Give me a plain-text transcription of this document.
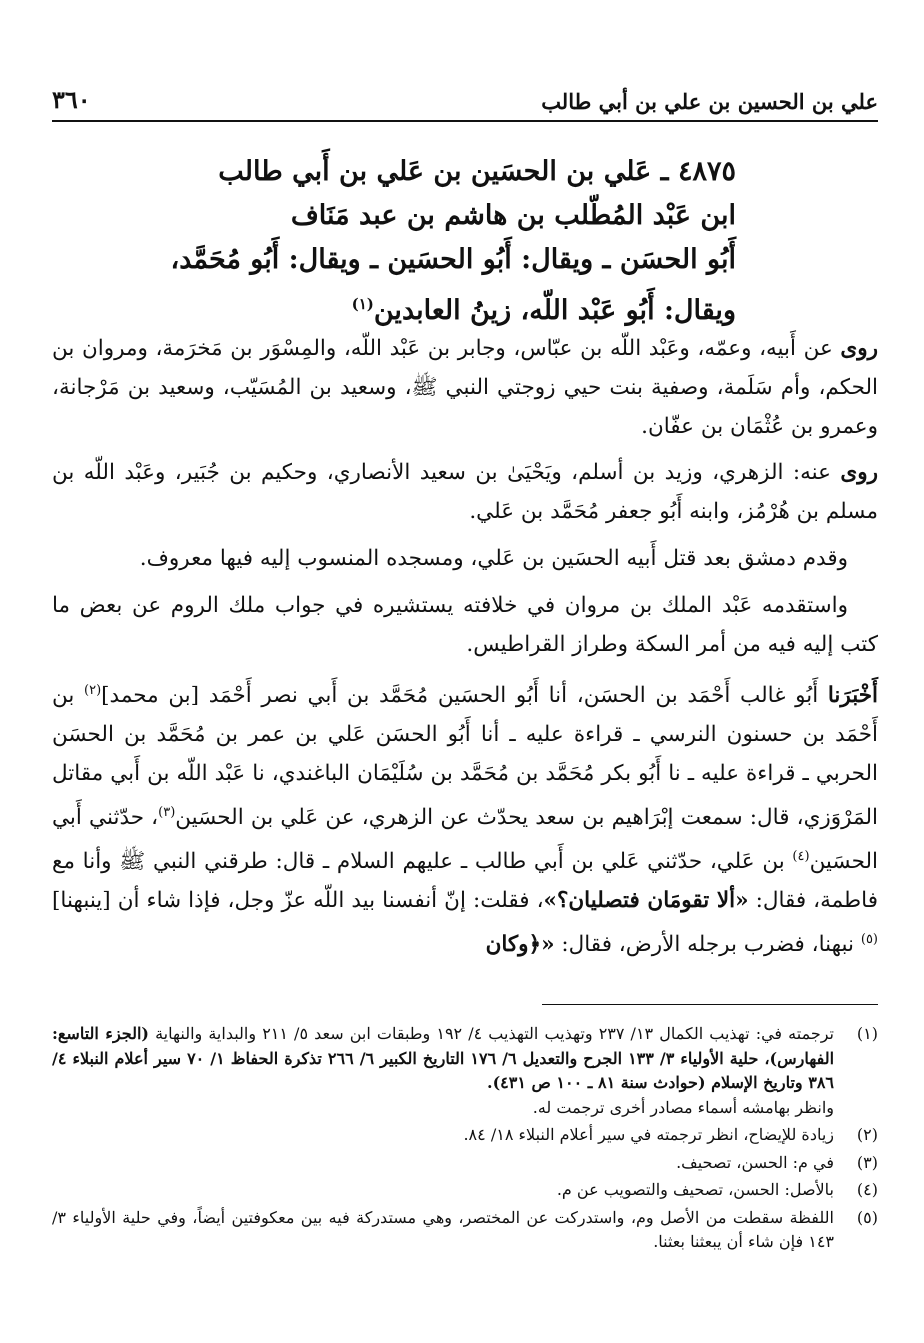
علي بن الحسين بن علي بن أبي طالب
٣٦٠
٤٨٧٥ ـ عَلي بن الحسَين بن عَلي بن أَبي طالب
ابن عَبْد المُطّلب بن هاشم بن عبد مَنَاف
أَبُو الحسَن ـ ويقال: أَبُو الحسَين ـ ويقال: أَبُو مُحَمَّد،
ويقال: أَبُو عَبْد اللّه، زينُ العابدين$^{(١)}$

روى عن أَبيه، وعمّه، وعَبْد اللّه بن عبّاس، وجابر بن عَبْد اللّه، والمِسْوَر بن مَخرَمة، ومروان بن الحكم، وأم سَلَمة، وصفية بنت حيي زوجتي النبي ﷺ، وسعيد بن المُسَيّب، وسعيد بن مَرْجانة، وعمرو بن عُثْمَان بن عفّان.

روى عنه: الزهري، وزيد بن أسلم، ويَحْيَىٰ بن سعيد الأنصاري، وحكيم بن جُبَير، وعَبْد اللّه بن مسلم بن هُرْمُز، وابنه أَبُو جعفر مُحَمَّد بن عَلي.

وقدم دمشق بعد قتل أَبيه الحسَين بن عَلي، ومسجده المنسوب إليه فيها معروف.

واستقدمه عَبْد الملك بن مروان في خلافته يستشيره في جواب ملك الروم عن بعض ما كتب إليه فيه من أمر السكة وطراز القراطيس.

أَخْبَرَنا أَبُو غالب أَحْمَد بن الحسَن، أنا أَبُو الحسَين مُحَمَّد بن أَبي نصر أَحْمَد [بن محمد]$^{(٢)}$ بن أَحْمَد بن حسنون النرسي ـ قراءة عليه ـ أنا أَبُو الحسَن عَلي بن عمر بن مُحَمَّد بن الحسَن الحربي ـ قراءة عليه ـ نا أَبُو بكر مُحَمَّد بن مُحَمَّد بن سُلَيْمَان الباغندي، نا عَبْد اللّه بن أَبي مقاتل المَرْوَزي، قال: سمعت إبْرَاهيم بن سعد يحدّث عن الزهري، عن عَلي بن الحسَين$^{(٣)}$، حدّثني أَبي الحسَين$^{(٤)}$ بن عَلي، حدّثني عَلي بن أَبي طالب ـ عليهم السلام ـ قال: طرقني النبي ﷺ وأنا مع فاطمة، فقال: «ألا تقومَان فتصليان؟»، فقلت: إنّ أنفسنا بيد اللّه عزّ وجل، فإذا شاء أن [ينبهنا]$^{(٥)}$ نبهنا، فضرب برجله الأرض، فقال: «﴿وكان

(١)
ترجمته في: تهذيب الكمال ١٣/ ٢٣٧ وتهذيب التهذيب ٤/ ١٩٢ وطبقات ابن سعد ٥/ ٢١١ والبداية والنهاية (الجزء التاسع: الفهارس)، حلية الأولياء ٣/ ١٣٣ الجرح والتعديل ٦/ ١٧٦ التاريخ الكبير ٦/ ٢٦٦ تذكرة الحفاظ ١/ ٧٠ سير أعلام النبلاء ٤/ ٣٨٦ وتاريخ الإسلام (حوادث سنة ٨١ ـ ١٠٠ ص ٤٣١).
وانظر بهامشه أسماء مصادر أخرى ترجمت له.
(٢)
زيادة للإيضاح، انظر ترجمته في سير أعلام النبلاء ١٨/ ٨٤.
(٣)
في م: الحسن، تصحيف.
(٤)
بالأصل: الحسن، تصحيف والتصويب عن م.
(٥)
اللفظة سقطت من الأصل وم، واستدركت عن المختصر، وهي مستدركة فيه بين معكوفتين أيضاً، وفي حلية الأولياء ٣/ ١٤٣ فإن شاء أن يبعثنا بعثنا.
